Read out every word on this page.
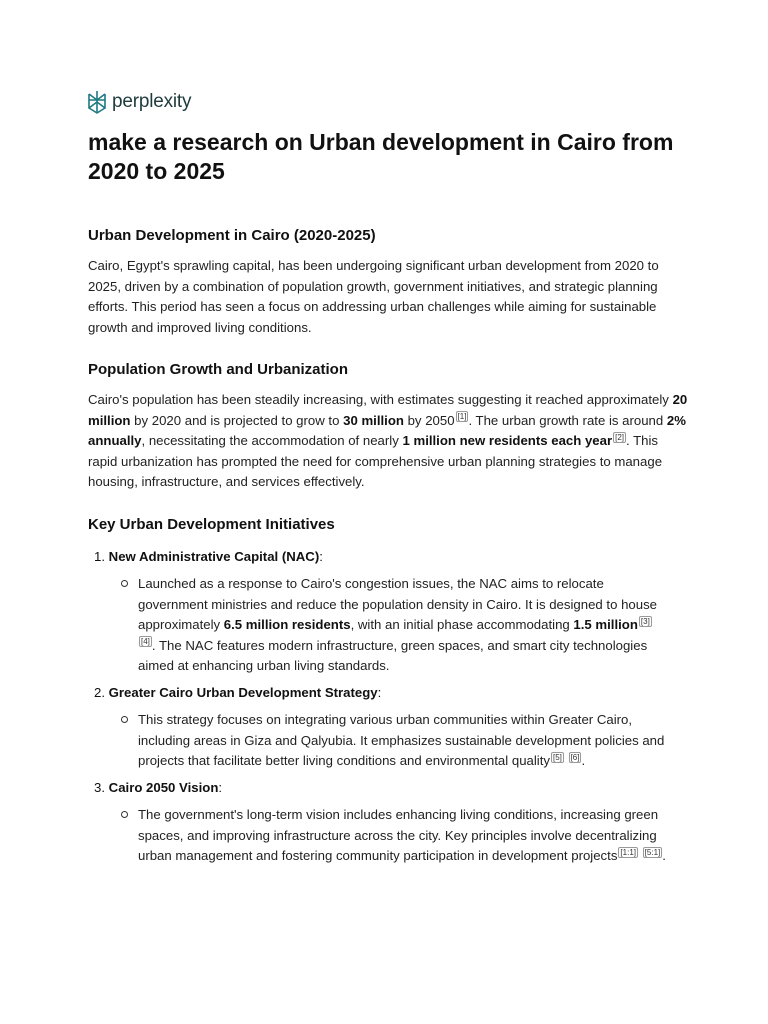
perplexity
make a research on Urban development in Cairo from 2020 to 2025
Urban Development in Cairo (2020-2025)

Cairo, Egypt's sprawling capital, has been undergoing significant urban development from 2020 to 2025, driven by a combination of population growth, government initiatives, and strategic planning efforts. This period has seen a focus on addressing urban challenges while aiming for sustainable growth and improved living conditions.

Population Growth and Urbanization

Cairo's population has been steadily increasing, with estimates suggesting it reached approximately 20 million by 2020 and is projected to grow to 30 million by 2050 [1] . The urban growth rate is around 2% annually, necessitating the accommodation of nearly 1 million new residents each year [2] . This rapid urbanization has prompted the need for comprehensive urban planning strategies to manage housing, infrastructure, and services effectively.

Key Urban Development Initiatives
1. New Administrative Capital (NAC):

Launched as a response to Cairo's congestion issues, the NAC aims to relocate government ministries and reduce the population density in Cairo. It is designed to house approximately 6.5 million residents, with an initial phase accommodating 1.5 million [3] [4] . The NAC features modern infrastructure, green spaces, and smart city technologies aimed at enhancing urban living standards.

2. Greater Cairo Urban Development Strategy:

This strategy focuses on integrating various urban communities within Greater Cairo, including areas in Giza and Qalyubia. It emphasizes sustainable development policies and projects that facilitate better living conditions and environmental quality [5] [6] .

3. Cairo 2050 Vision:

The government's long-term vision includes enhancing living conditions, increasing green spaces, and improving infrastructure across the city. Key principles involve decentralizing urban management and fostering community participation in development projects [1:1] [5:1] .
